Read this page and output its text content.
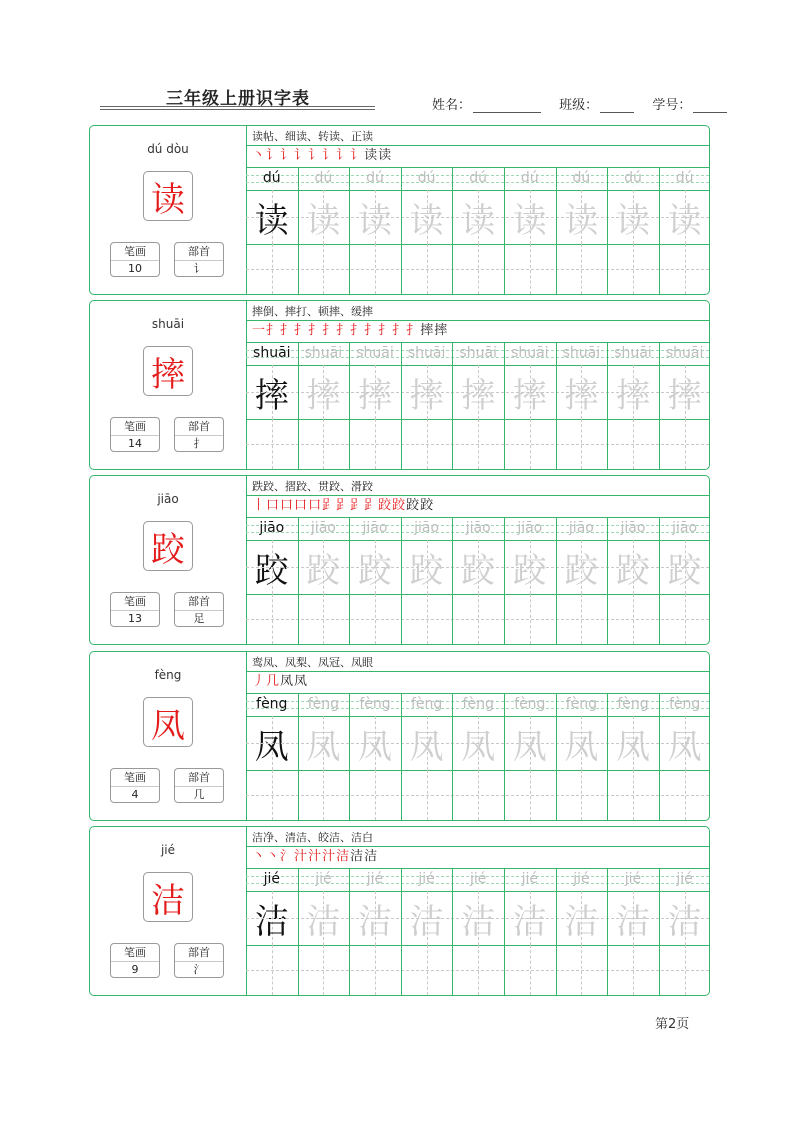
三年级上册识字表	姓名：	班级：	学号：
dú dòu
读
笔画
10
部首
讠
读帖、细读、转读、正读
丶讠讠讠讠讠讠讠读读
dú	dú	dú	dú	dú	dú	dú	dú	dú
读 读 读 读 读 读 读 读 读
shuāi
摔
笔画
14
部首
扌
摔倒、摔打、顿摔、缓摔
一扌扌扌扌扌扌扌扌扌扌扌摔摔
shuāi	shuāi	shuāi	shuāi	shuāi	shuāi	shuāi	shuāi	shuāi
摔 摔 摔 摔 摔 摔 摔 摔 摔
jiāo
跤
笔画
13
部首
足
跌跤、摺跤、贯跤、滑跤
丨口口口口𧾷𧾷𧾷𧾷跤跤跤跤
jiāo	jiāo	jiāo	jiāo	jiāo	jiāo	jiāo	jiāo	jiāo
跤 跤 跤 跤 跤 跤 跤 跤 跤
fèng
凤
笔画
4
部首
几
鸾凤、凤梨、凤冠、凤眼
丿几凤凤
fèng	fèng	fèng	fèng	fèng	fèng	fèng	fèng	fèng
凤 凤 凤 凤 凤 凤 凤 凤 凤
jié
洁
笔画
9
部首
氵
洁净、清洁、皎洁、洁白
丶丶氵汁汁汁洁洁洁
jié	jié	jié	jié	jié	jié	jié	jié	jié
洁 洁 洁 洁 洁 洁 洁 洁 洁
第2页
